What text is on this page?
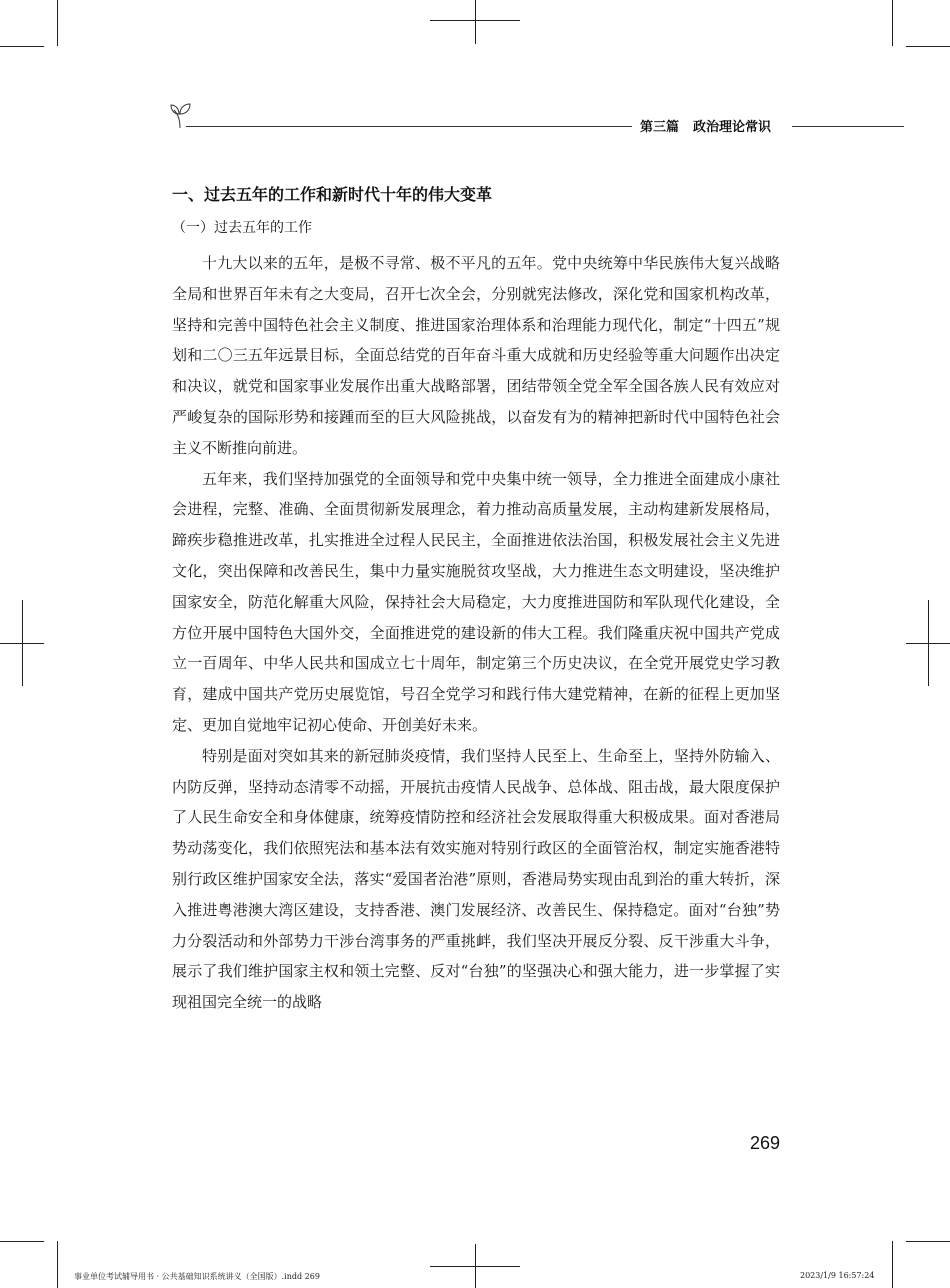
第三篇 政治理论常识
一、过去五年的工作和新时代十年的伟大变革
（一）过去五年的工作

十九大以来的五年，是极不寻常、极不平凡的五年。党中央统筹中华民族伟大复兴战略全局和世界百年未有之大变局，召开七次全会，分别就宪法修改，深化党和国家机构改革，坚持和完善中国特色社会主义制度、推进国家治理体系和治理能力现代化，制定“十四五”规划和二〇三五年远景目标，全面总结党的百年奋斗重大成就和历史经验等重大问题作出决定和决议，就党和国家事业发展作出重大战略部署，团结带领全党全军全国各族人民有效应对严峻复杂的国际形势和接踵而至的巨大风险挑战，以奋发有为的精神把新时代中国特色社会主义不断推向前进。

五年来，我们坚持加强党的全面领导和党中央集中统一领导，全力推进全面建成小康社会进程，完整、准确、全面贯彻新发展理念，着力推动高质量发展，主动构建新发展格局，蹄疾步稳推进改革，扎实推进全过程人民民主，全面推进依法治国，积极发展社会主义先进文化，突出保障和改善民生，集中力量实施脱贫攻坚战，大力推进生态文明建设，坚决维护国家安全，防范化解重大风险，保持社会大局稳定，大力度推进国防和军队现代化建设，全方位开展中国特色大国外交，全面推进党的建设新的伟大工程。我们隆重庆祝中国共产党成立一百周年、中华人民共和国成立七十周年，制定第三个历史决议，在全党开展党史学习教育，建成中国共产党历史展览馆，号召全党学习和践行伟大建党精神，在新的征程上更加坚定、更加自觉地牢记初心使命、开创美好未来。

特别是面对突如其来的新冠肺炎疫情，我们坚持人民至上、生命至上，坚持外防输入、内防反弹，坚持动态清零不动摇，开展抗击疫情人民战争、总体战、阻击战，最大限度保护了人民生命安全和身体健康，统筹疫情防控和经济社会发展取得重大积极成果。面对香港局势动荡变化，我们依照宪法和基本法有效实施对特别行政区的全面管治权，制定实施香港特别行政区维护国家安全法，落实“爱国者治港”原则，香港局势实现由乱到治的重大转折，深入推进粤港澳大湾区建设，支持香港、澳门发展经济、改善民生、保持稳定。面对“台独”势力分裂活动和外部势力干涉台湾事务的严重挑衅，我们坚决开展反分裂、反干涉重大斗争，展示了我们维护国家主权和领土完整、反对“台独”的坚强决心和强大能力，进一步掌握了实现祖国完全统一的战略

269
事业单位考试辅导用书 · 公共基础知识系统讲义（全国版）.indd 269	2023/1/9 16:57:24
